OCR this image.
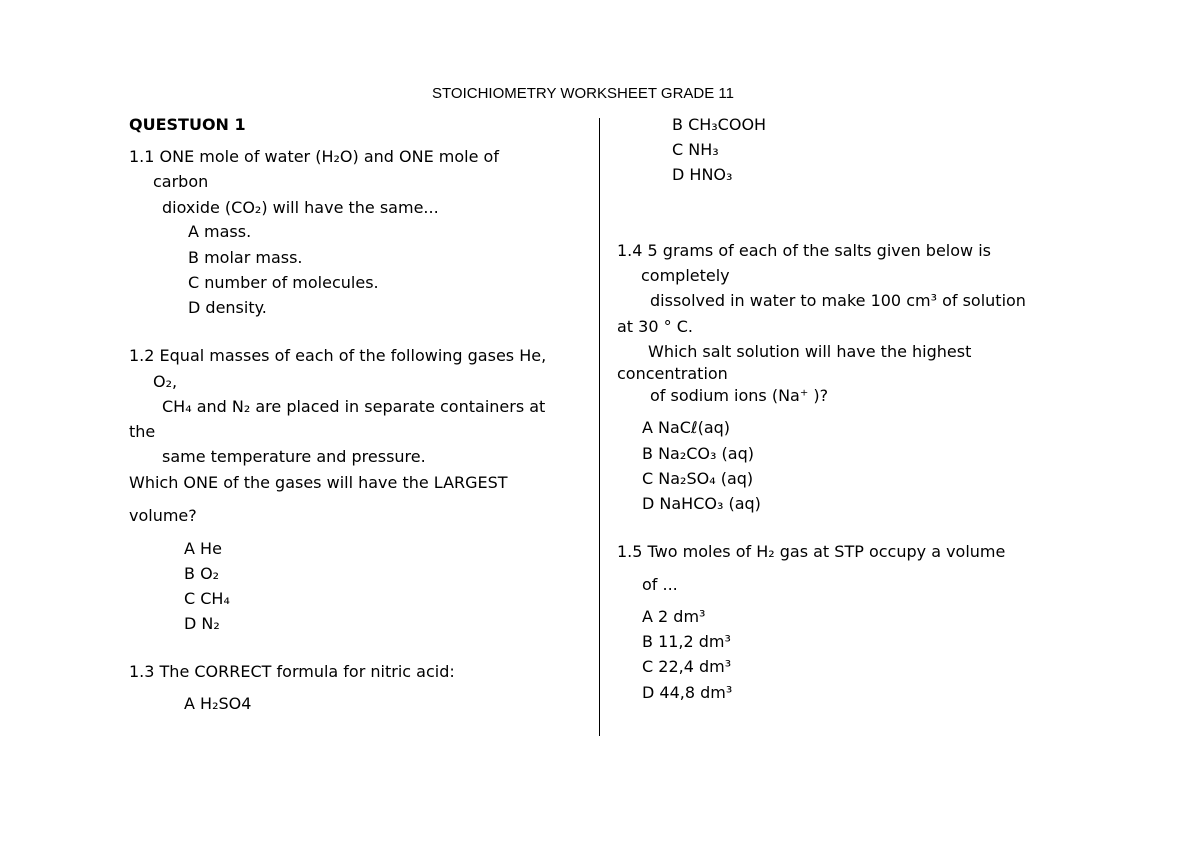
STOICHIOMETRY WORKSHEET GRADE 11
QUESTUON 1
1.1 ONE mole of water (H₂O) and ONE mole of
carbon
dioxide (CO₂) will have the same...
A mass.
B molar mass.
C number of molecules.
D density.
1.2 Equal masses of each of the following gases He,
O₂,
CH₄ and N₂ are placed in separate containers at
the
same temperature and pressure.
Which ONE of the gases will have the LARGEST
volume?
A He
B O₂
C CH₄
D N₂
1.3 The CORRECT formula for nitric acid:
A H₂SO4
B CH₃COOH
C NH₃
D HNO₃
1.4 5 grams of each of the salts given below is
completely
dissolved in water to make 100 cm³ of solution
at 30 ° C.
Which salt solution will have the highest
concentration
of sodium ions (Na⁺ )?
A NaCℓ(aq)
B Na₂CO₃ (aq)
C Na₂SO₄ (aq)
D NaHCO₃ (aq)
1.5 Two moles of H₂ gas at STP occupy a volume
of ...
A 2 dm³
B 11,2 dm³
C 22,4 dm³
D 44,8 dm³
